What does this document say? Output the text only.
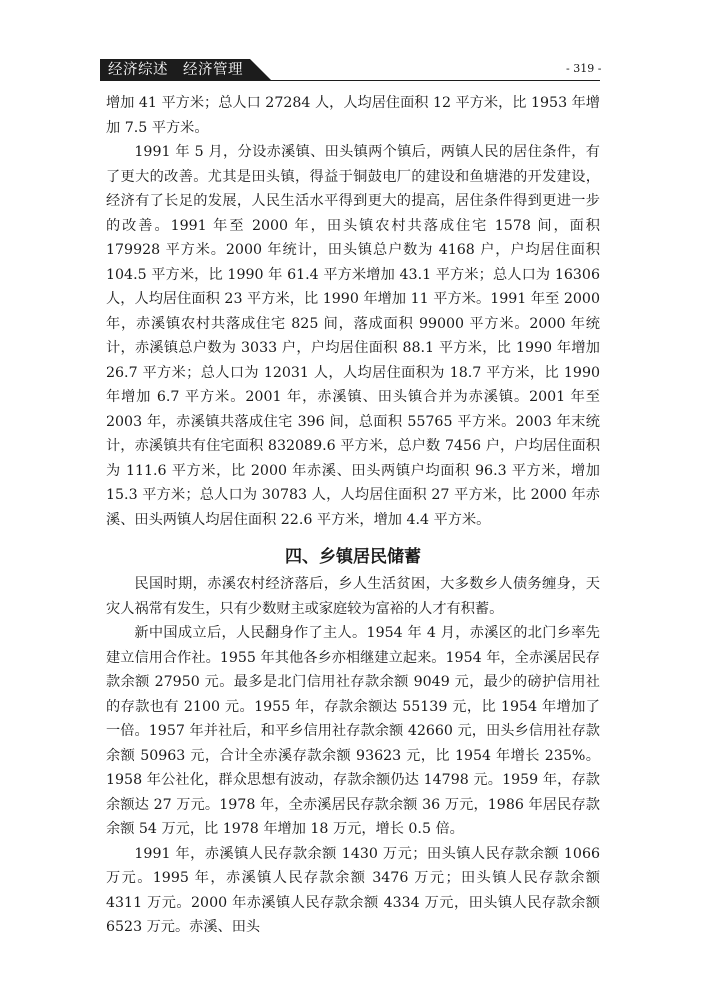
经济综述　经济管理	- 319 -

增加 41 平方米；总人口 27284 人，人均居住面积 12 平方米，比 1953 年增加 7.5 平方米。

1991 年 5 月，分设赤溪镇、田头镇两个镇后，两镇人民的居住条件，有了更大的改善。尤其是田头镇，得益于铜鼓电厂的建设和鱼塘港的开发建设，经济有了长足的发展，人民生活水平得到更大的提高，居住条件得到更进一步的改善。1991 年至 2000 年，田头镇农村共落成住宅 1578 间，面积 179928 平方米。2000 年统计，田头镇总户数为 4168 户，户均居住面积 104.5 平方米，比 1990 年 61.4 平方米增加 43.1 平方米；总人口为 16306 人，人均居住面积 23 平方米，比 1990 年增加 11 平方米。1991 年至 2000 年，赤溪镇农村共落成住宅 825 间，落成面积 99000 平方米。2000 年统计，赤溪镇总户数为 3033 户，户均居住面积 88.1 平方米，比 1990 年增加 26.7 平方米；总人口为 12031 人，人均居住面积为 18.7 平方米，比 1990 年增加 6.7 平方米。2001 年，赤溪镇、田头镇合并为赤溪镇。2001 年至 2003 年，赤溪镇共落成住宅 396 间，总面积 55765 平方米。2003 年末统计，赤溪镇共有住宅面积 832089.6 平方米，总户数 7456 户，户均居住面积为 111.6 平方米，比 2000 年赤溪、田头两镇户均面积 96.3 平方米，增加 15.3 平方米；总人口为 30783 人，人均居住面积 27 平方米，比 2000 年赤溪、田头两镇人均居住面积 22.6 平方米，增加 4.4 平方米。

四、乡镇居民储蓄

民国时期，赤溪农村经济落后，乡人生活贫困，大多数乡人债务缠身，天灾人祸常有发生，只有少数财主或家庭较为富裕的人才有积蓄。

新中国成立后，人民翻身作了主人。1954 年 4 月，赤溪区的北门乡率先建立信用合作社。1955 年其他各乡亦相继建立起来。1954 年，全赤溪居民存款余额 27950 元。最多是北门信用社存款余额 9049 元，最少的磅护信用社的存款也有 2100 元。1955 年，存款余额达 55139 元，比 1954 年增加了一倍。1957 年并社后，和平乡信用社存款余额 42660 元，田头乡信用社存款余额 50963 元，合计全赤溪存款余额 93623 元，比 1954 年增长 235%。1958 年公社化，群众思想有波动，存款余额仍达 14798 元。1959 年，存款余额达 27 万元。1978 年，全赤溪居民存款余额 36 万元，1986 年居民存款余额 54 万元，比 1978 年增加 18 万元，增长 0.5 倍。

1991 年，赤溪镇人民存款余额 1430 万元；田头镇人民存款余额 1066 万元。1995 年，赤溪镇人民存款余额 3476 万元；田头镇人民存款余额 4311 万元。2000 年赤溪镇人民存款余额 4334 万元，田头镇人民存款余额 6523 万元。赤溪、田头
